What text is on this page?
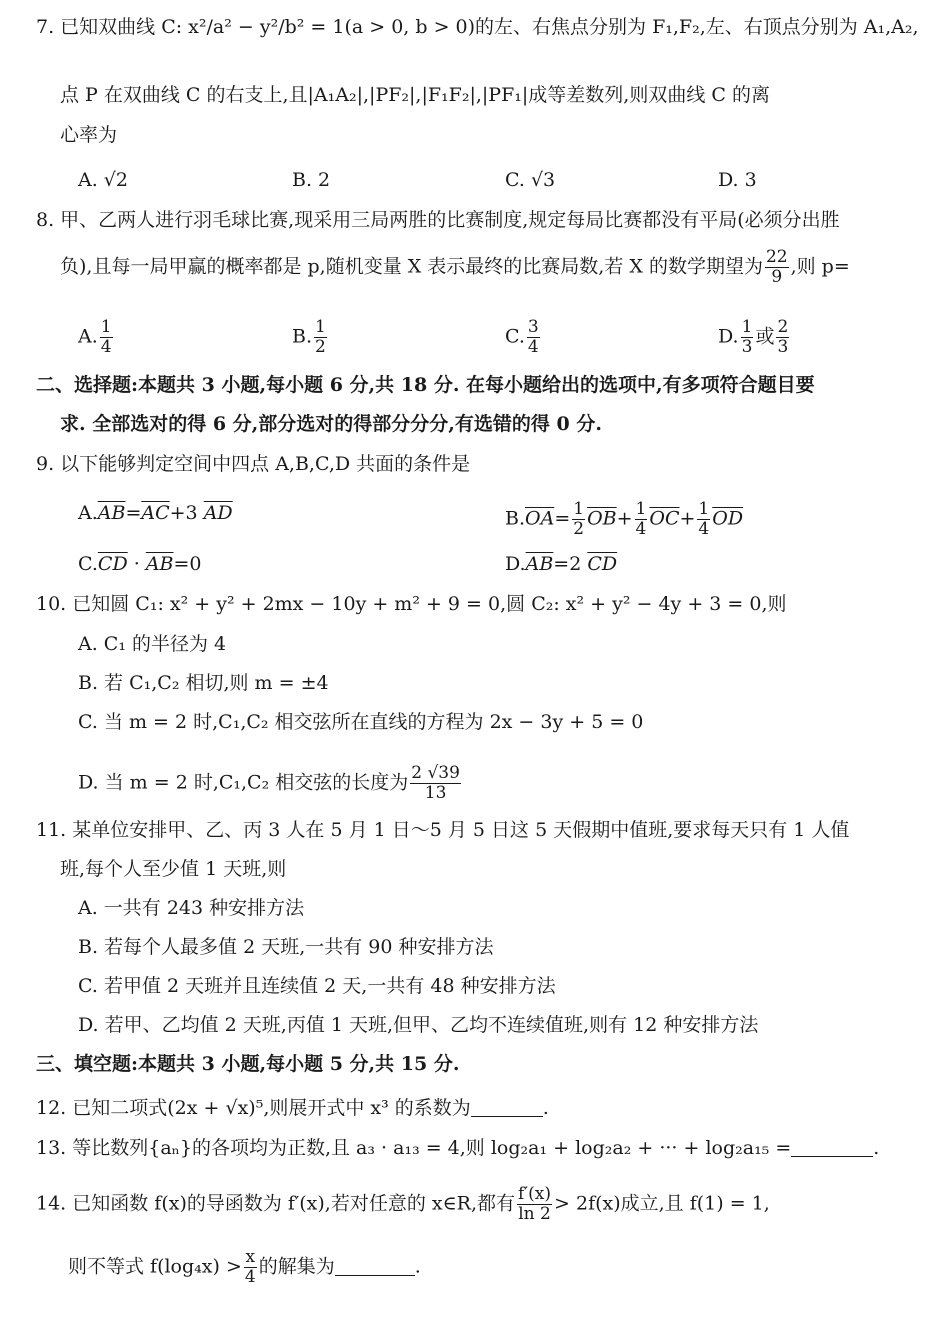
7. 已知双曲线 C: x²/a² − y²/b² = 1(a > 0, b > 0)的左、右焦点分别为 F₁,F₂,左、右顶点分别为 A₁,A₂,
点 P 在双曲线 C 的右支上,且|A₁A₂|,|PF₂|,|F₁F₂|,|PF₁|成等差数列,则双曲线 C 的离
心率为
A. √2	B. 2	C. √3	D. 3
8. 甲、乙两人进行羽毛球比赛,现采用三局两胜的比赛制度,规定每局比赛都没有平局(必须分出胜
负),且每一局甲赢的概率都是 p,随机变量 X 表示最终的比赛局数,若 X 的数学期望为 $\frac{22}{9}$ ,则 p=
A. $\frac{1}{4}$	B. $\frac{1}{2}$	C. $\frac{3}{4}$	D. $\frac{1}{3}$ 或 $\frac{2}{3}$
二、选择题:本题共 3 小题,每小题 6 分,共 18 分. 在每小题给出的选项中,有多项符合题目要
求. 全部选对的得 6 分,部分选对的得部分分分,有选错的得 0 分.
9. 以下能够判定空间中四点 A,B,C,D 共面的条件是
$A.\overline{AB}=\overline{AC}+3$ $\overline{AD}$	$B.\overline{OA}= \frac{1}{2} \overline{OB}+ \frac{1}{4} \overline{OC}+ \frac{1}{4} \overline{OD}$
$C.\overline{CD} \cdot \overline{AB}=0$	$D.\overline{AB}=2$ $\overline{CD}$
10. 已知圆 C₁: x² + y² + 2mx − 10y + m² + 9 = 0,圆 C₂: x² + y² − 4y + 3 = 0,则
A. C₁ 的半径为 4
B. 若 C₁,C₂ 相切,则 m = ±4
C. 当 m = 2 时,C₁,C₂ 相交弦所在直线的方程为 2x − 3y + 5 = 0
D. 当 m = 2 时,C₁,C₂ 相交弦的长度为 $\frac{2 √39}{13}$
11. 某单位安排甲、乙、丙 3 人在 5 月 1 日～5 月 5 日这 5 天假期中值班,要求每天只有 1 人值
班,每个人至少值 1 天班,则
A. 一共有 243 种安排方法
B. 若每个人最多值 2 天班,一共有 90 种安排方法
C. 若甲值 2 天班并且连续值 2 天,一共有 48 种安排方法
D. 若甲、乙均值 2 天班,丙值 1 天班,但甲、乙均不连续值班,则有 12 种安排方法
三、填空题:本题共 3 小题,每小题 5 分,共 15 分.
12. 已知二项式(2x + √x)⁵,则展开式中 x³ 的系数为	.
13. 等比数列{aₙ}的各项均为正数,且 a₃ · a₁₃ = 4,则 log₂a₁ + log₂a₂ + ··· + log₂a₁₅ =	.
14. 已知函数 f(x)的导函数为 f′(x),若对任意的 x∈R,都有 $\frac{f'(x)}{\ln 2} > 2f(x)$成立,且 f(1) = 1,
则不等式 $f(\log_4x) > \frac{x}{4}$ 的解集为	.
